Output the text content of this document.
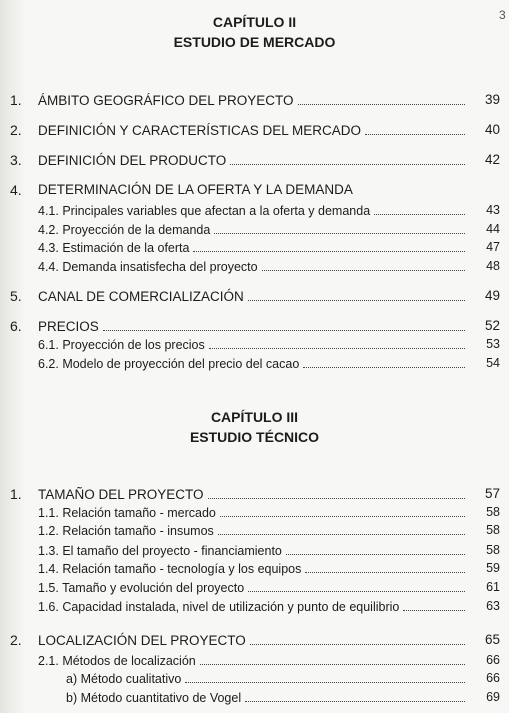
3
CAPÍTULO II
ESTUDIO DE MERCADO
1. ÁMBITO GEOGRÁFICO DEL PROYECTO	39
2. DEFINICIÓN Y CARACTERÍSTICAS DEL MERCADO	40
3. DEFINICIÓN DEL PRODUCTO	42
4. DETERMINACIÓN DE LA OFERTA Y LA DEMANDA
4.1. Principales variables que afectan a la oferta y demanda	43
4.2. Proyección de la demanda	44
4.3. Estimación de la oferta	47
4.4. Demanda insatisfecha del proyecto	48
5. CANAL DE COMERCIALIZACIÓN	49
6. PRECIOS	52
6.1. Proyección de los precios	53
6.2. Modelo de proyección del precio del cacao	54
CAPÍTULO III
ESTUDIO TÉCNICO
1. TAMAÑO DEL PROYECTO	57
1.1. Relación tamaño - mercado	58
1.2. Relación tamaño - insumos	58
1.3. El tamaño del proyecto - financiamiento	58
1.4. Relación tamaño - tecnología y los equipos	59
1.5. Tamaño y evolución del proyecto	61
1.6. Capacidad instalada, nivel de utilización y punto de equilibrio	63
2. LOCALIZACIÓN DEL PROYECTO	65
2.1. Métodos de localización	66
a) Método cualitativo	66
b) Método cuantitativo de Vogel	69
